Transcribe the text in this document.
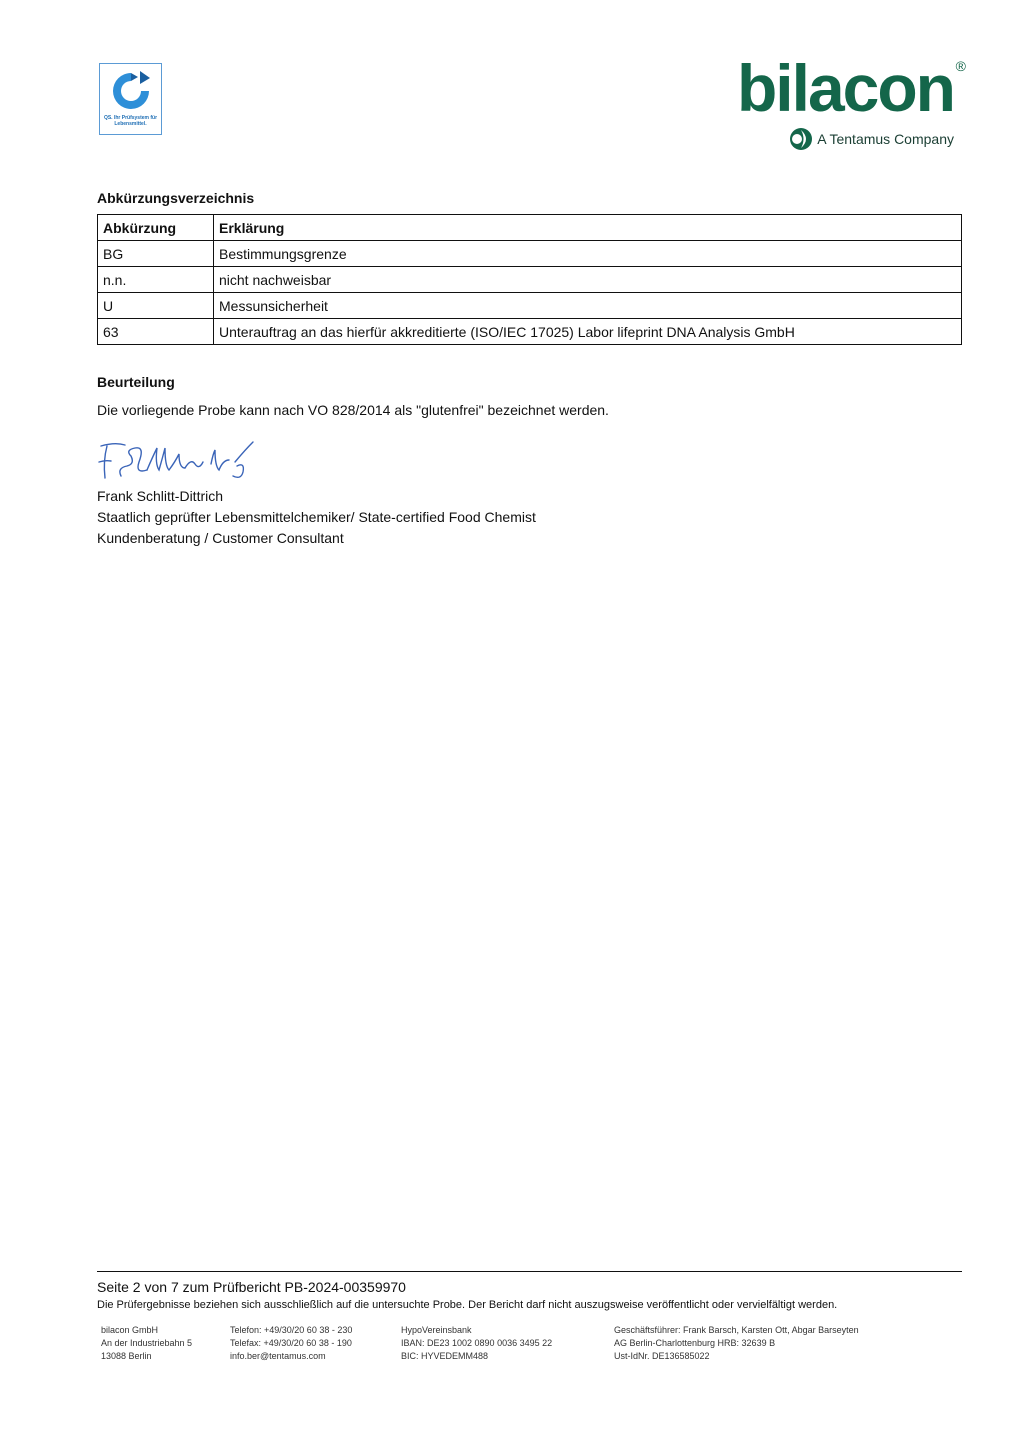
QS. Ihr Prüfsystem für Lebensmittel.	bilacon ®
A Tentamus Company
Abkürzungsverzeichnis
Abkürzung	Erklärung
BG	Bestimmungsgrenze
n.n.	nicht nachweisbar
U	Messunsicherheit
63	Unterauftrag an das hierfür akkreditierte (ISO/IEC 17025) Labor lifeprint DNA Analysis GmbH
Beurteilung

Die vorliegende Probe kann nach VO 828/2014 als "glutenfrei" bezeichnet werden.

Frank Schlitt-Dittrich
Staatlich geprüfter Lebensmittelchemiker/ State-certified Food Chemist
Kundenberatung / Customer Consultant
Seite 2 von 7 zum Prüfbericht PB-2024-00359970
Die Prüfergebnisse beziehen sich ausschließlich auf die untersuchte Probe. Der Bericht darf nicht auszugsweise veröffentlicht oder vervielfältigt werden.
bilacon GmbH
An der Industriebahn 5
13088 Berlin
Telefon: +49/30/20 60 38 - 230
Telefax: +49/30/20 60 38 - 190
info.ber@tentamus.com
HypoVereinsbank
IBAN: DE23 1002 0890 0036 3495 22
BIC: HYVEDEMM488
Geschäftsführer: Frank Barsch, Karsten Ott, Abgar Barseyten
AG Berlin-Charlottenburg HRB: 32639 B
Ust-IdNr. DE136585022
